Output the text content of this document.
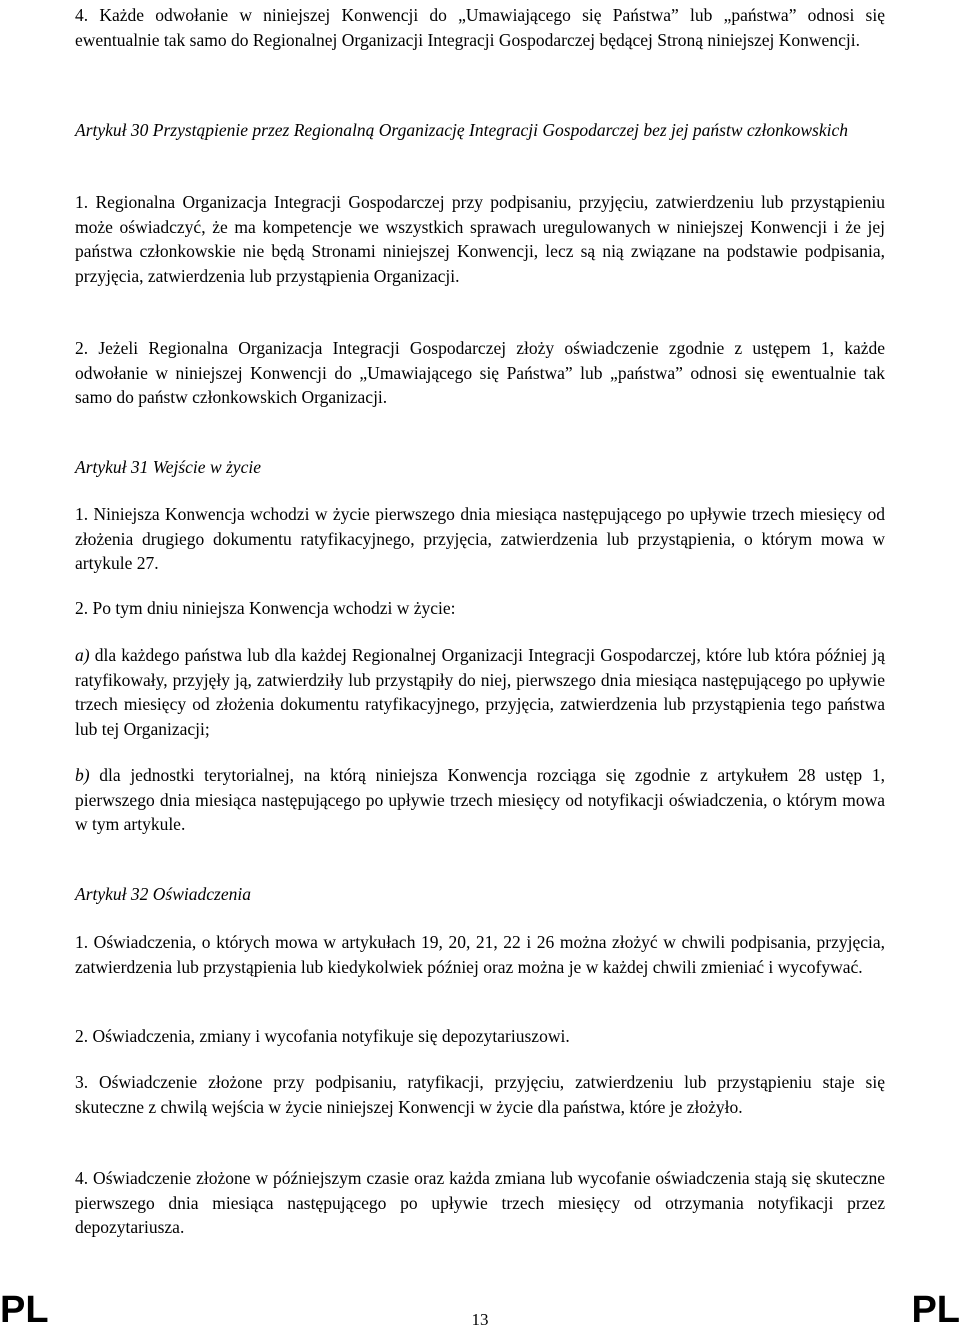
4. Każde odwołanie w niniejszej Konwencji do „Umawiającego się Państwa” lub „państwa” odnosi się ewentualnie tak samo do Regionalnej Organizacji Integracji Gospodarczej będącej Stroną niniejszej Konwencji.

Artykuł 30 Przystąpienie przez Regionalną Organizację Integracji Gospodarczej bez jej państw członkowskich

1. Regionalna Organizacja Integracji Gospodarczej przy podpisaniu, przyjęciu, zatwierdzeniu lub przystąpieniu może oświadczyć, że ma kompetencje we wszystkich sprawach uregulowanych w niniejszej Konwencji i że jej państwa członkowskie nie będą Stronami niniejszej Konwencji, lecz są nią związane na podstawie podpisania, przyjęcia, zatwierdzenia lub przystąpienia Organizacji.

2. Jeżeli Regionalna Organizacja Integracji Gospodarczej złoży oświadczenie zgodnie z ustępem 1, każde odwołanie w niniejszej Konwencji do „Umawiającego się Państwa” lub „państwa” odnosi się ewentualnie tak samo do państw członkowskich Organizacji.

Artykuł 31 Wejście w życie

1. Niniejsza Konwencja wchodzi w życie pierwszego dnia miesiąca następującego po upływie trzech miesięcy od złożenia drugiego dokumentu ratyfikacyjnego, przyjęcia, zatwierdzenia lub przystąpienia, o którym mowa w artykule 27.

2. Po tym dniu niniejsza Konwencja wchodzi w życie:

a) dla każdego państwa lub dla każdej Regionalnej Organizacji Integracji Gospodarczej, które lub która później ją ratyfikowały, przyjęły ją, zatwierdziły lub przystąpiły do niej, pierwszego dnia miesiąca następującego po upływie trzech miesięcy od złożenia dokumentu ratyfikacyjnego, przyjęcia, zatwierdzenia lub przystąpienia tego państwa lub tej Organizacji;

b) dla jednostki terytorialnej, na którą niniejsza Konwencja rozciąga się zgodnie z artykułem 28 ustęp 1, pierwszego dnia miesiąca następującego po upływie trzech miesięcy od notyfikacji oświadczenia, o którym mowa w tym artykule.

Artykuł 32 Oświadczenia

1. Oświadczenia, o których mowa w artykułach 19, 20, 21, 22 i 26 można złożyć w chwili podpisania, przyjęcia, zatwierdzenia lub przystąpienia lub kiedykolwiek później oraz można je w każdej chwili zmieniać i wycofywać.

2. Oświadczenia, zmiany i wycofania notyfikuje się depozytariuszowi.

3. Oświadczenie złożone przy podpisaniu, ratyfikacji, przyjęciu, zatwierdzeniu lub przystąpieniu staje się skuteczne z chwilą wejścia w życie niniejszej Konwencji w życie dla państwa, które je złożyło.

4. Oświadczenie złożone w późniejszym czasie oraz każda zmiana lub wycofanie oświadczenia stają się skuteczne pierwszego dnia miesiąca następującego po upływie trzech miesięcy od otrzymania notyfikacji przez depozytariusza.

PL	13	PL
